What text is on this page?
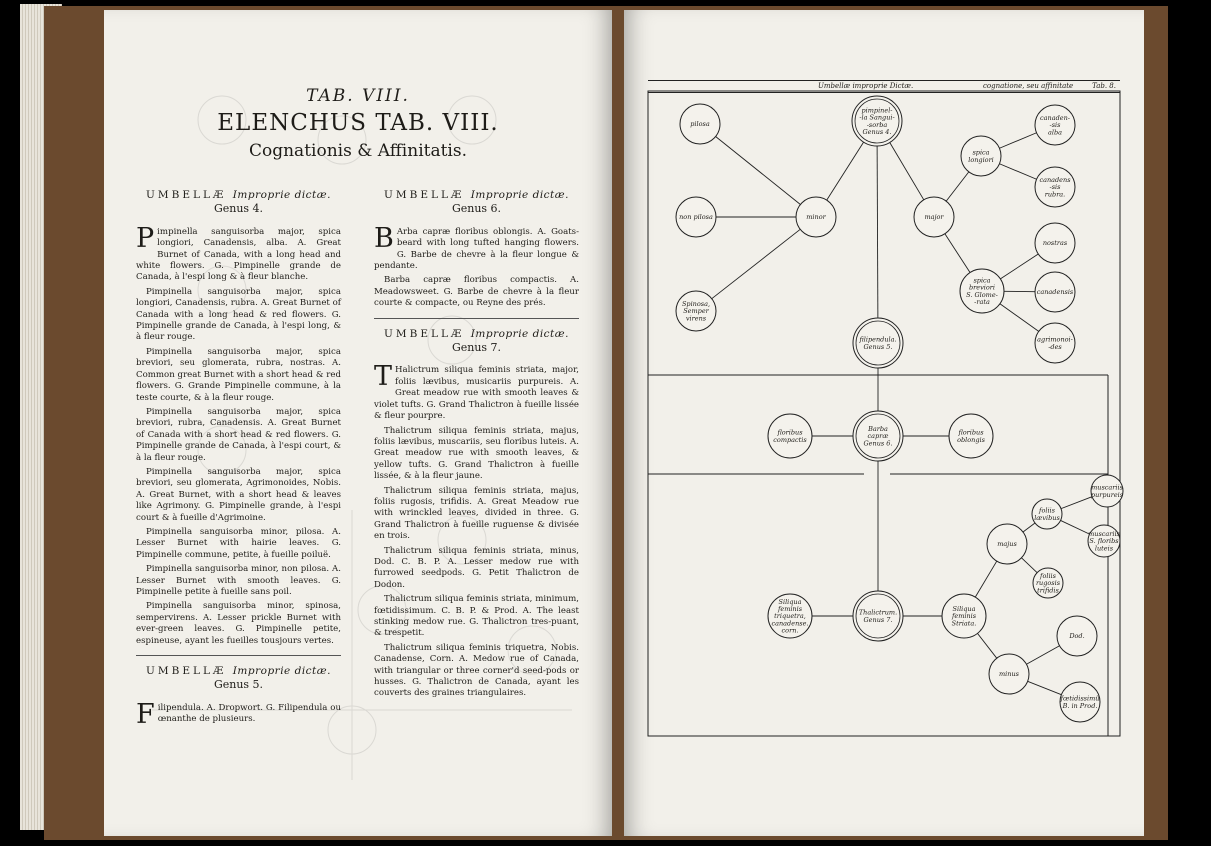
TAB. VIII.
ELENCHUS TAB. VIII.
Cognationis & Affinitatis.
UMBELLÆ Improprie dictæ.
Genus 4.

Pimpinella sanguisorba major, spica longiori, Canadensis, alba. A. Great Burnet of Canada, with a long head and white flowers. G. Pimpinelle grande de Canada, à l'espi long & à fleur blanche.

Pimpinella sanguisorba major, spica longiori, Canadensis, rubra. A. Great Burnet of Canada with a long head & red flowers. G. Pimpinelle grande de Canada, à l'espi long, & à fleur rouge.

Pimpinella sanguisorba major, spica breviori, seu glomerata, rubra, nostras. A. Common great Burnet with a short head & red flowers. G. Grande Pimpinelle commune, à la teste courte, & à la fleur rouge.

Pimpinella sanguisorba major, spica breviori, rubra, Canadensis. A. Great Burnet of Canada with a short head & red flowers. G. Pimpinelle grande de Canada, à l'espi court, & à la fleur rouge.

Pimpinella sanguisorba major, spica breviori, seu glomerata, Agrimonoides, Nobis. A. Great Burnet, with a short head & leaves like Agrimony. G. Pimpinelle grande, à l'espi court & à fueille d'Agrimoine.

Pimpinella sanguisorba minor, pilosa. A. Lesser Burnet with hairie leaves. G. Pimpinelle commune, petite, à fueille poiluë.

Pimpinella sanguisorba minor, non pilosa. A. Lesser Burnet with smooth leaves. G. Pimpinelle petite à fueille sans poil.

Pimpinella sanguisorba minor, spinosa, sempervirens. A. Lesser prickle Burnet with ever-green leaves. G. Pimpinelle petite, espineuse, ayant les fueilles tousjours vertes.

UMBELLÆ Improprie dictæ.
Genus 5.

Filipendula. A. Dropwort. G. Filipendula ou œnanthe de plusieurs.

UMBELLÆ Improprie dictæ.
Genus 6.

B Arba capræ floribus oblongis. A. Goats-beard with long tufted hanging flowers. G. Barbe de chevre à la fleur longue & pendante.

Barba capræ floribus compactis. A. Meadowsweet. G. Barbe de chevre à la fleur courte & compacte, ou Reyne des prés.

UMBELLÆ Improprie dictæ.
Genus 7.

T Halictrum siliqua feminis striata, major, foliis lævibus, musicariis purpureis. A. Great meadow rue with smooth leaves & violet tufts. G. Grand Thalictron à fueille lissée & fleur pourpre.

Thalictrum siliqua feminis striata, majus, foliis lævibus, muscariis, seu floribus luteis. A. Great meadow rue with smooth leaves, & yellow tufts. G. Grand Thalictron à fueille lissée, & à la fleur jaune.

Thalictrum siliqua feminis striata, majus, foliis rugosis, trifidis. A. Great Meadow rue with wrinckled leaves, divided in three. G. Grand Thalictron à fueille ruguense & divisée en trois.

Thalictrum siliqua feminis striata, minus, Dod. C. B. P. A. Lesser medow rue with furrowed seedpods. G. Petit Thalictron de Dodon.

Thalictrum siliqua feminis striata, minimum, fœtidissimum. C. B. P. & Prod. A. The least stinking medow rue. G. Thalictron tres-puant, & trespetit.

Thalictrum siliqua feminis triquetra, Nobis. Canadense, Corn. A. Medow rue of Canada, with triangular or three corner'd seed-pods or husses. G. Thalictron de Canada, ayant les couverts des graines triangulaires.

Umbellæ improprie Dictæ.	cognatione, seu affinitate	Tab. 8.
pilosa
non pilosa
Spinosa,
Semper
virens
minor
pimpinel-
-la Sangui-
-sorba
Genus 4.
major
spica
longiori
canaden-
-sis
alba
canadens
-sis
rubra.
spica
breviori
S. Glome-
-rata
nostras
canadensis
agrimonoi-
-des
filipendula.
Genus 5.
floribus
compactis
Barba
capræ
Genus 6.
floribus
oblongis
Siliqua
feminis
triquetra,
canadense.
corn.
Thalictrum.
Genus 7.
Siliqua
feminis
Striata.
majus
foliis
lævibus
muscariis
purpureis
muscariis
S. floribs
luteis
foliis
rugosis
trifidis
minus
Dod.
fœtidissimũ
B. in Prod.
